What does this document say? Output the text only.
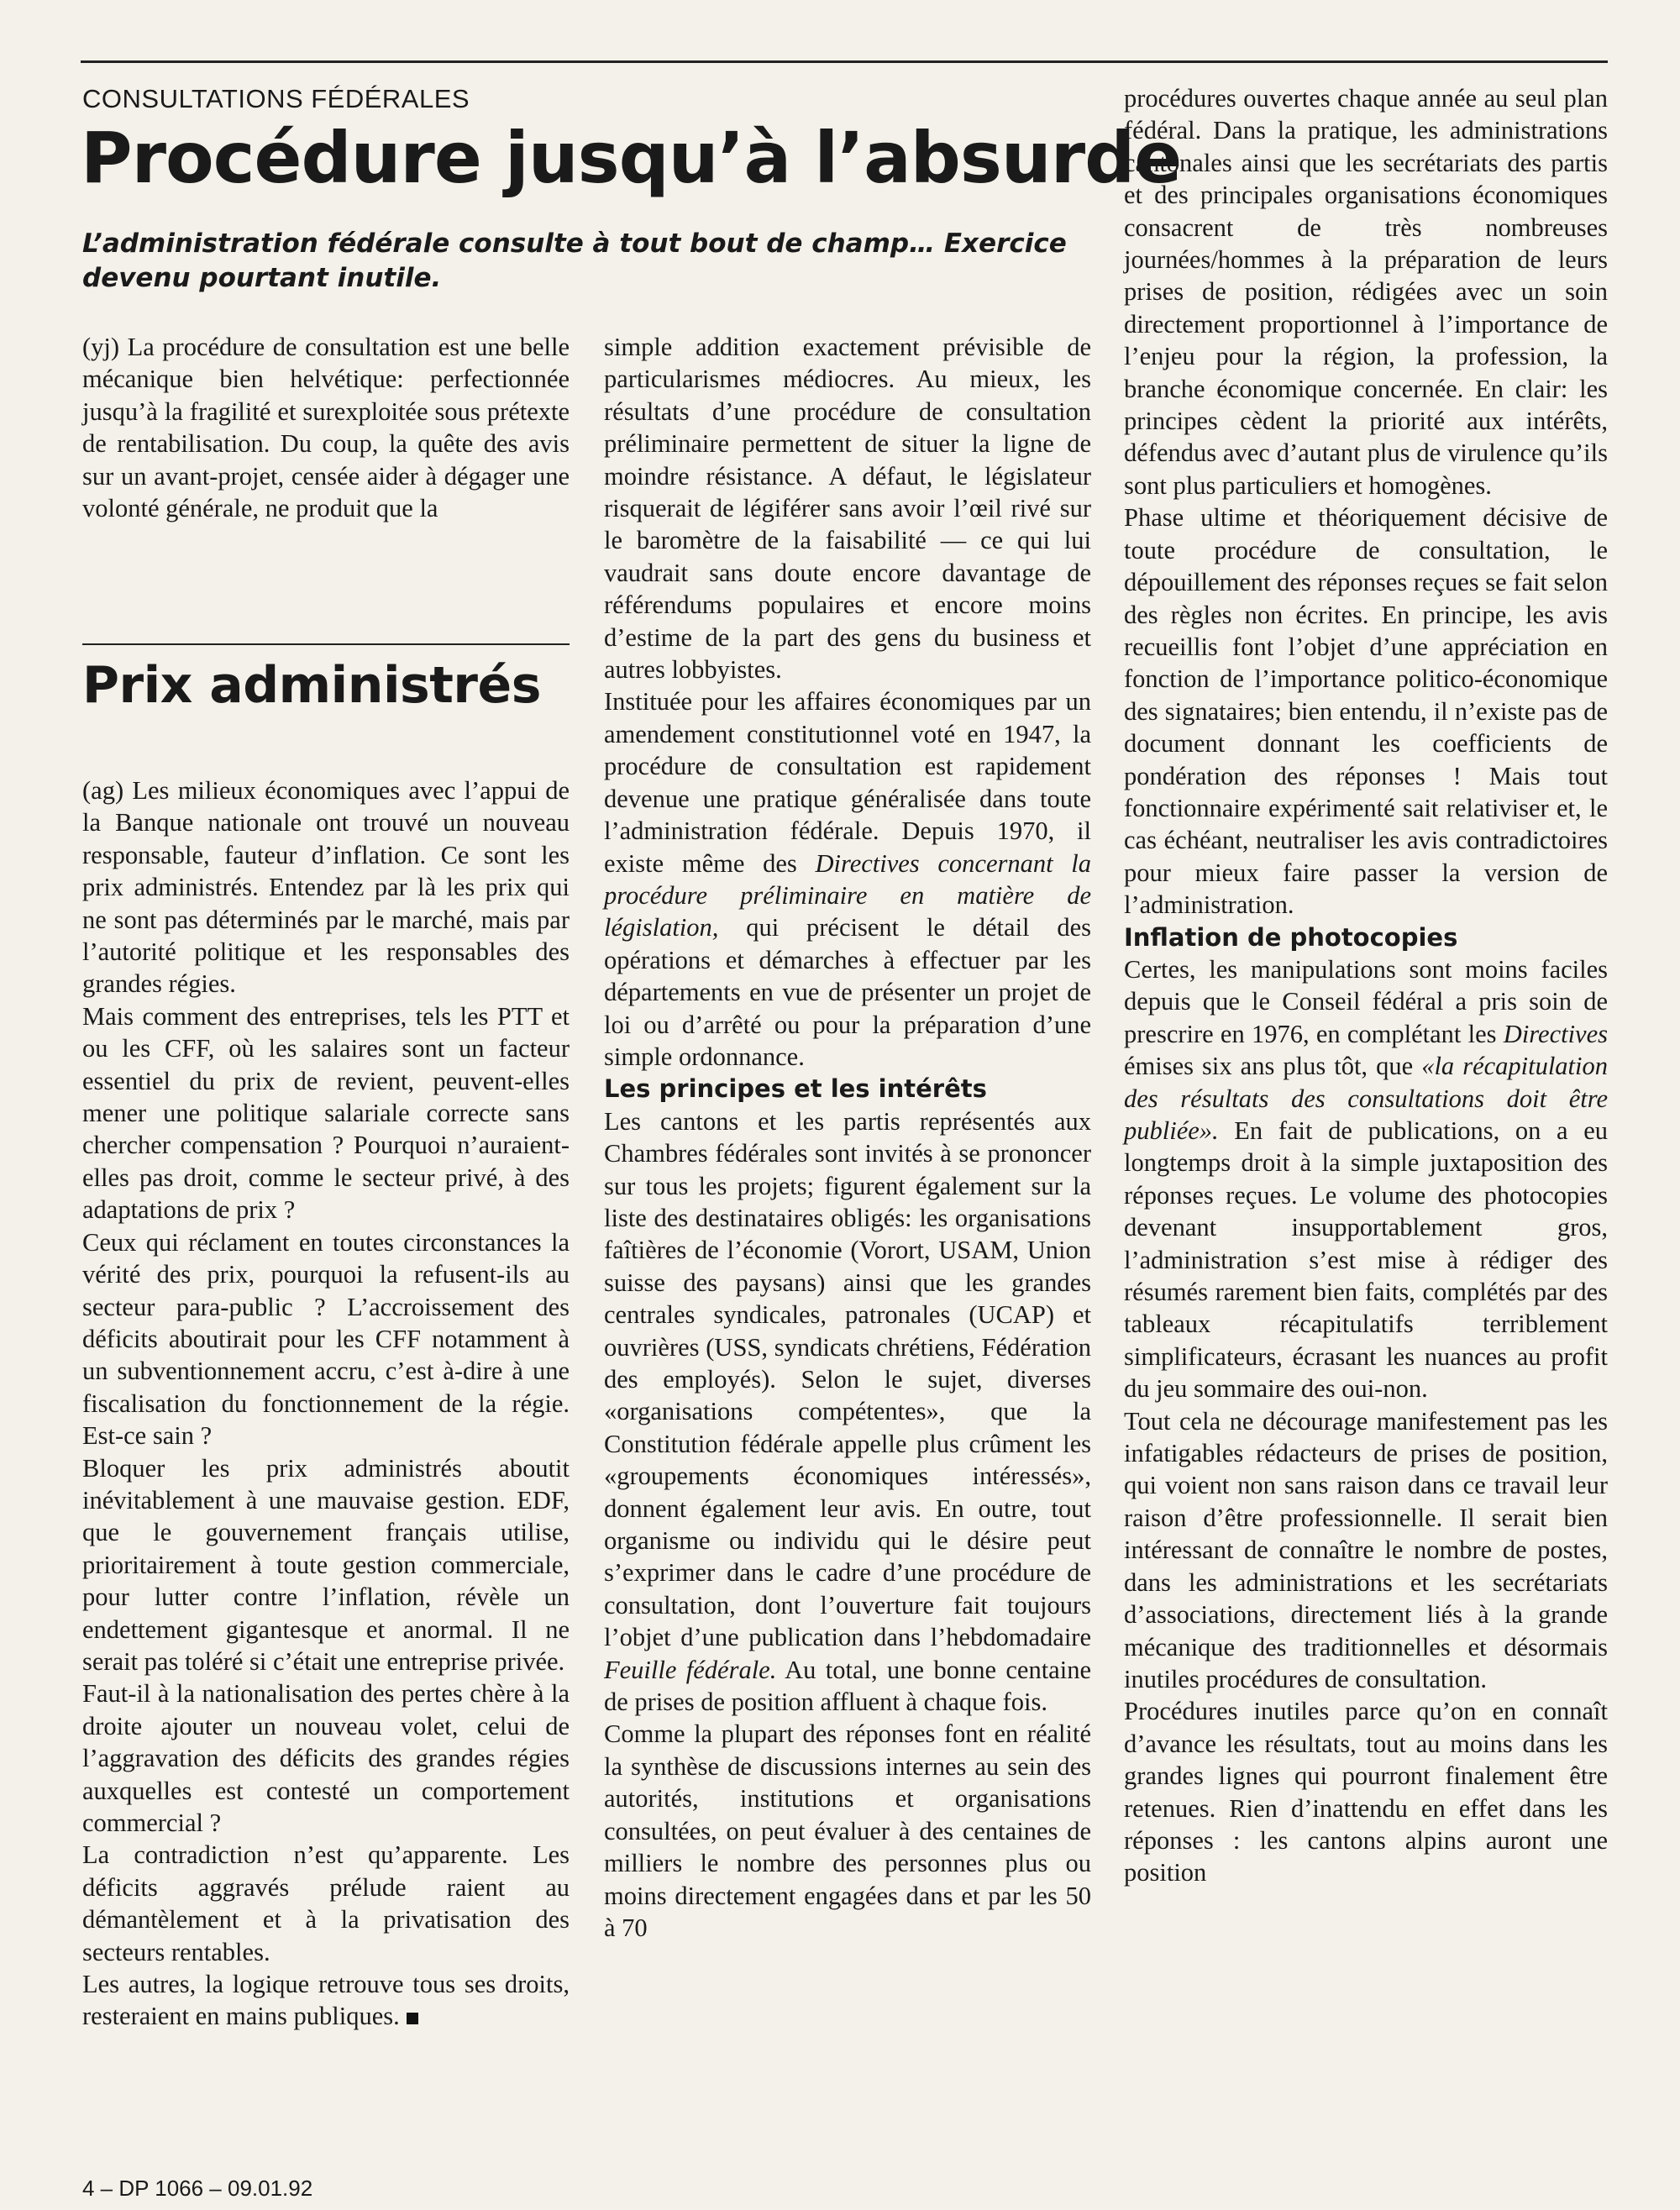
CONSULTATIONS FÉDÉRALES
Procédure jusqu’à l’absurde

L’administration fédérale consulte à tout bout de champ… Exercice devenu pourtant inutile.

(yj) La procédure de consultation est une belle mécanique bien helvétique: perfectionnée jusqu’à la fragilité et surexploitée sous prétexte de rentabilisation. Du coup, la quête des avis sur un avant-projet, censée aider à dégager une volonté générale, ne produit que la

Prix administrés

(ag) Les milieux économiques avec l’appui de la Banque nationale ont trouvé un nouveau responsable, fauteur d’inflation. Ce sont les prix administrés. Entendez par là les prix qui ne sont pas déterminés par le marché, mais par l’autorité politique et les responsables des grandes régies.

Mais comment des entreprises, tels les PTT et ou les CFF, où les salaires sont un facteur essentiel du prix de revient, peuvent-elles mener une politique salariale correcte sans chercher compensation ? Pourquoi n’auraient-elles pas droit, comme le secteur privé, à des adaptations de prix ?

Ceux qui réclament en toutes circonstances la vérité des prix, pourquoi la refusent-ils au secteur para-public ? L’accroissement des déficits aboutirait pour les CFF notamment à un subventionnement accru, c’est à-dire à une fiscalisation du fonctionnement de la régie. Est-ce sain ?

Bloquer les prix administrés aboutit inévitablement à une mauvaise gestion. EDF, que le gouvernement français utilise, prioritairement à toute gestion commerciale, pour lutter contre l’inflation, révèle un endettement gigantesque et anormal. Il ne serait pas toléré si c’était une entreprise privée.

Faut-il à la nationalisation des pertes chère à la droite ajouter un nouveau volet, celui de l’aggravation des déficits des grandes régies auxquelles est contesté un comportement commercial ?

La contradiction n’est qu’apparente. Les déficits aggravés prélude raient au démantèlement et à la privatisation des secteurs rentables.

Les autres, la logique retrouve tous ses droits, resteraient en mains publiques.

simple addition exactement prévisible de particularismes médiocres. Au mieux, les résultats d’une procédure de consultation préliminaire permettent de situer la ligne de moindre résistance. A défaut, le législateur risquerait de légiférer sans avoir l’œil rivé sur le baromètre de la faisabilité — ce qui lui vaudrait sans doute encore davantage de référendums populaires et encore moins d’estime de la part des gens du business et autres lobbyistes.

Instituée pour les affaires économiques par un amendement constitutionnel voté en 1947, la procédure de consultation est rapidement devenue une pratique généralisée dans toute l’administration fédérale. Depuis 1970, il existe même des Directives concernant la procédure préliminaire en matière de législation, qui précisent le détail des opérations et démarches à effectuer par les départements en vue de présenter un projet de loi ou d’arrêté ou pour la préparation d’une simple ordonnance.

Les principes et les intérêts

Les cantons et les partis représentés aux Chambres fédérales sont invités à se prononcer sur tous les projets; figurent également sur la liste des destinataires obligés: les organisations faîtières de l’économie (Vorort, USAM, Union suisse des paysans) ainsi que les grandes centrales syndicales, patronales (UCAP) et ouvrières (USS, syndicats chrétiens, Fédération des employés). Selon le sujet, diverses «organisations compétentes», que la Constitution fédérale appelle plus crûment les «groupements économiques intéressés», donnent également leur avis. En outre, tout organisme ou individu qui le désire peut s’exprimer dans le cadre d’une procédure de consultation, dont l’ouverture fait toujours l’objet d’une publication dans l’hebdomadaire Feuille fédérale. Au total, une bonne centaine de prises de position affluent à chaque fois.

Comme la plupart des réponses font en réalité la synthèse de discussions internes au sein des autorités, institutions et organisations consultées, on peut évaluer à des centaines de milliers le nombre des personnes plus ou moins directement engagées dans et par les 50 à 70

procédures ouvertes chaque année au seul plan fédéral. Dans la pratique, les administrations cantonales ainsi que les secrétariats des partis et des principales organisations économiques consacrent de très nombreuses journées/hommes à la préparation de leurs prises de position, rédigées avec un soin directement proportionnel à l’importance de l’enjeu pour la région, la profession, la branche économique concernée. En clair: les principes cèdent la priorité aux intérêts, défendus avec d’autant plus de virulence qu’ils sont plus particuliers et homogènes.

Phase ultime et théoriquement décisive de toute procédure de consultation, le dépouillement des réponses reçues se fait selon des règles non écrites. En principe, les avis recueillis font l’objet d’une appréciation en fonction de l’importance politico-économique des signataires; bien entendu, il n’existe pas de document donnant les coefficients de pondération des réponses ! Mais tout fonctionnaire expérimenté sait relativiser et, le cas échéant, neutraliser les avis contradictoires pour mieux faire passer la version de l’administration.

Inflation de photocopies

Certes, les manipulations sont moins faciles depuis que le Conseil fédéral a pris soin de prescrire en 1976, en complétant les Directives émises six ans plus tôt, que «la récapitulation des résultats des consultations doit être publiée». En fait de publications, on a eu longtemps droit à la simple juxtaposition des réponses reçues. Le volume des photocopies devenant insupportablement gros, l’administration s’est mise à rédiger des résumés rarement bien faits, complétés par des tableaux récapitulatifs terriblement simplificateurs, écrasant les nuances au profit du jeu sommaire des oui-non.

Tout cela ne décourage manifestement pas les infatigables rédacteurs de prises de position, qui voient non sans raison dans ce travail leur raison d’être professionnelle. Il serait bien intéressant de connaître le nombre de postes, dans les administrations et les secrétariats d’associations, directement liés à la grande mécanique des traditionnelles et désormais inutiles procédures de consultation.

Procédures inutiles parce qu’on en connaît d’avance les résultats, tout au moins dans les grandes lignes qui pourront finalement être retenues. Rien d’inattendu en effet dans les réponses : les cantons alpins auront une position

4 – DP 1066 – 09.01.92
